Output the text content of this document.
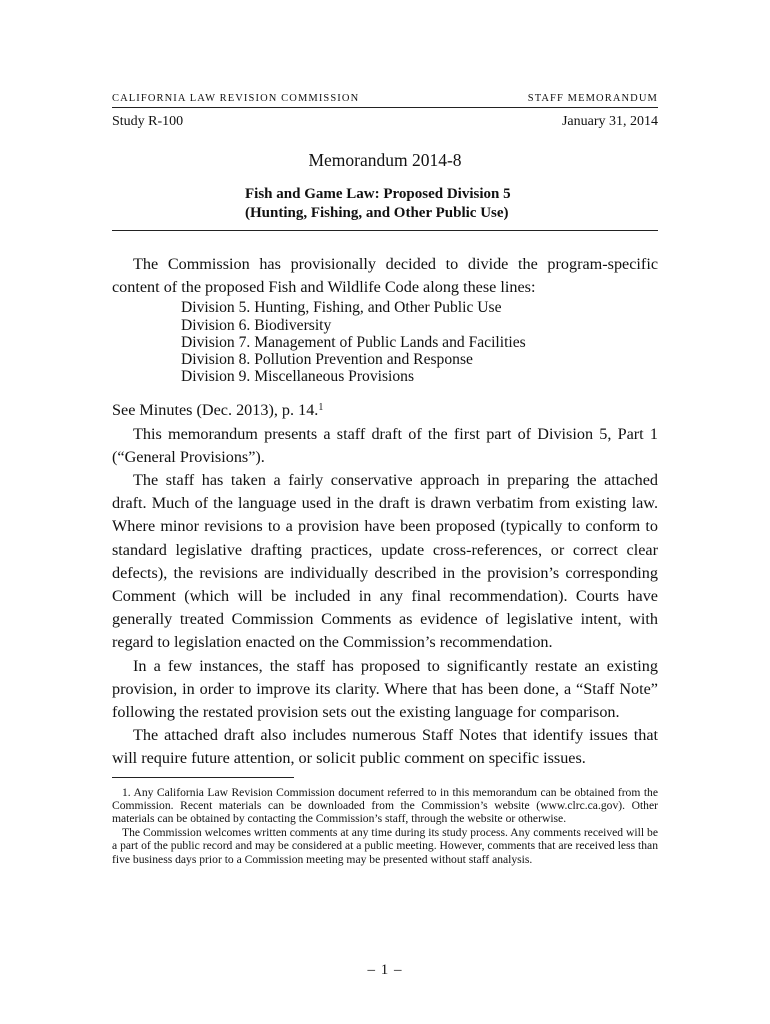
CALIFORNIA LAW REVISION COMMISSION	STAFF MEMORANDUM
Study R-100	January 31, 2014
Memorandum 2014-8
Fish and Game Law: Proposed Division 5
(Hunting, Fishing, and Other Public Use)

The Commission has provisionally decided to divide the program-specific content of the proposed Fish and Wildlife Code along these lines:

Division 5. Hunting, Fishing, and Other Public Use
Division 6. Biodiversity
Division 7. Management of Public Lands and Facilities
Division 8. Pollution Prevention and Response
Division 9. Miscellaneous Provisions

See Minutes (Dec. 2013), p. 14.$^1$

This memorandum presents a staff draft of the first part of Division 5, Part 1 (“General Provisions”).

The staff has taken a fairly conservative approach in preparing the attached draft. Much of the language used in the draft is drawn verbatim from existing law. Where minor revisions to a provision have been proposed (typically to conform to standard legislative drafting practices, update cross-references, or correct clear defects), the revisions are individually described in the provision’s corresponding Comment (which will be included in any final recommendation). Courts have generally treated Commission Comments as evidence of legislative intent, with regard to legislation enacted on the Commission’s recommendation.

In a few instances, the staff has proposed to significantly restate an existing provision, in order to improve its clarity. Where that has been done, a “Staff Note” following the restated provision sets out the existing language for comparison.

The attached draft also includes numerous Staff Notes that identify issues that will require future attention, or solicit public comment on specific issues.

1. Any California Law Revision Commission document referred to in this memorandum can be obtained from the Commission. Recent materials can be downloaded from the Commission’s website (www.clrc.ca.gov). Other materials can be obtained by contacting the Commission’s staff, through the website or otherwise.

The Commission welcomes written comments at any time during its study process. Any comments received will be a part of the public record and may be considered at a public meeting. However, comments that are received less than five business days prior to a Commission meeting may be presented without staff analysis.

– 1 –
